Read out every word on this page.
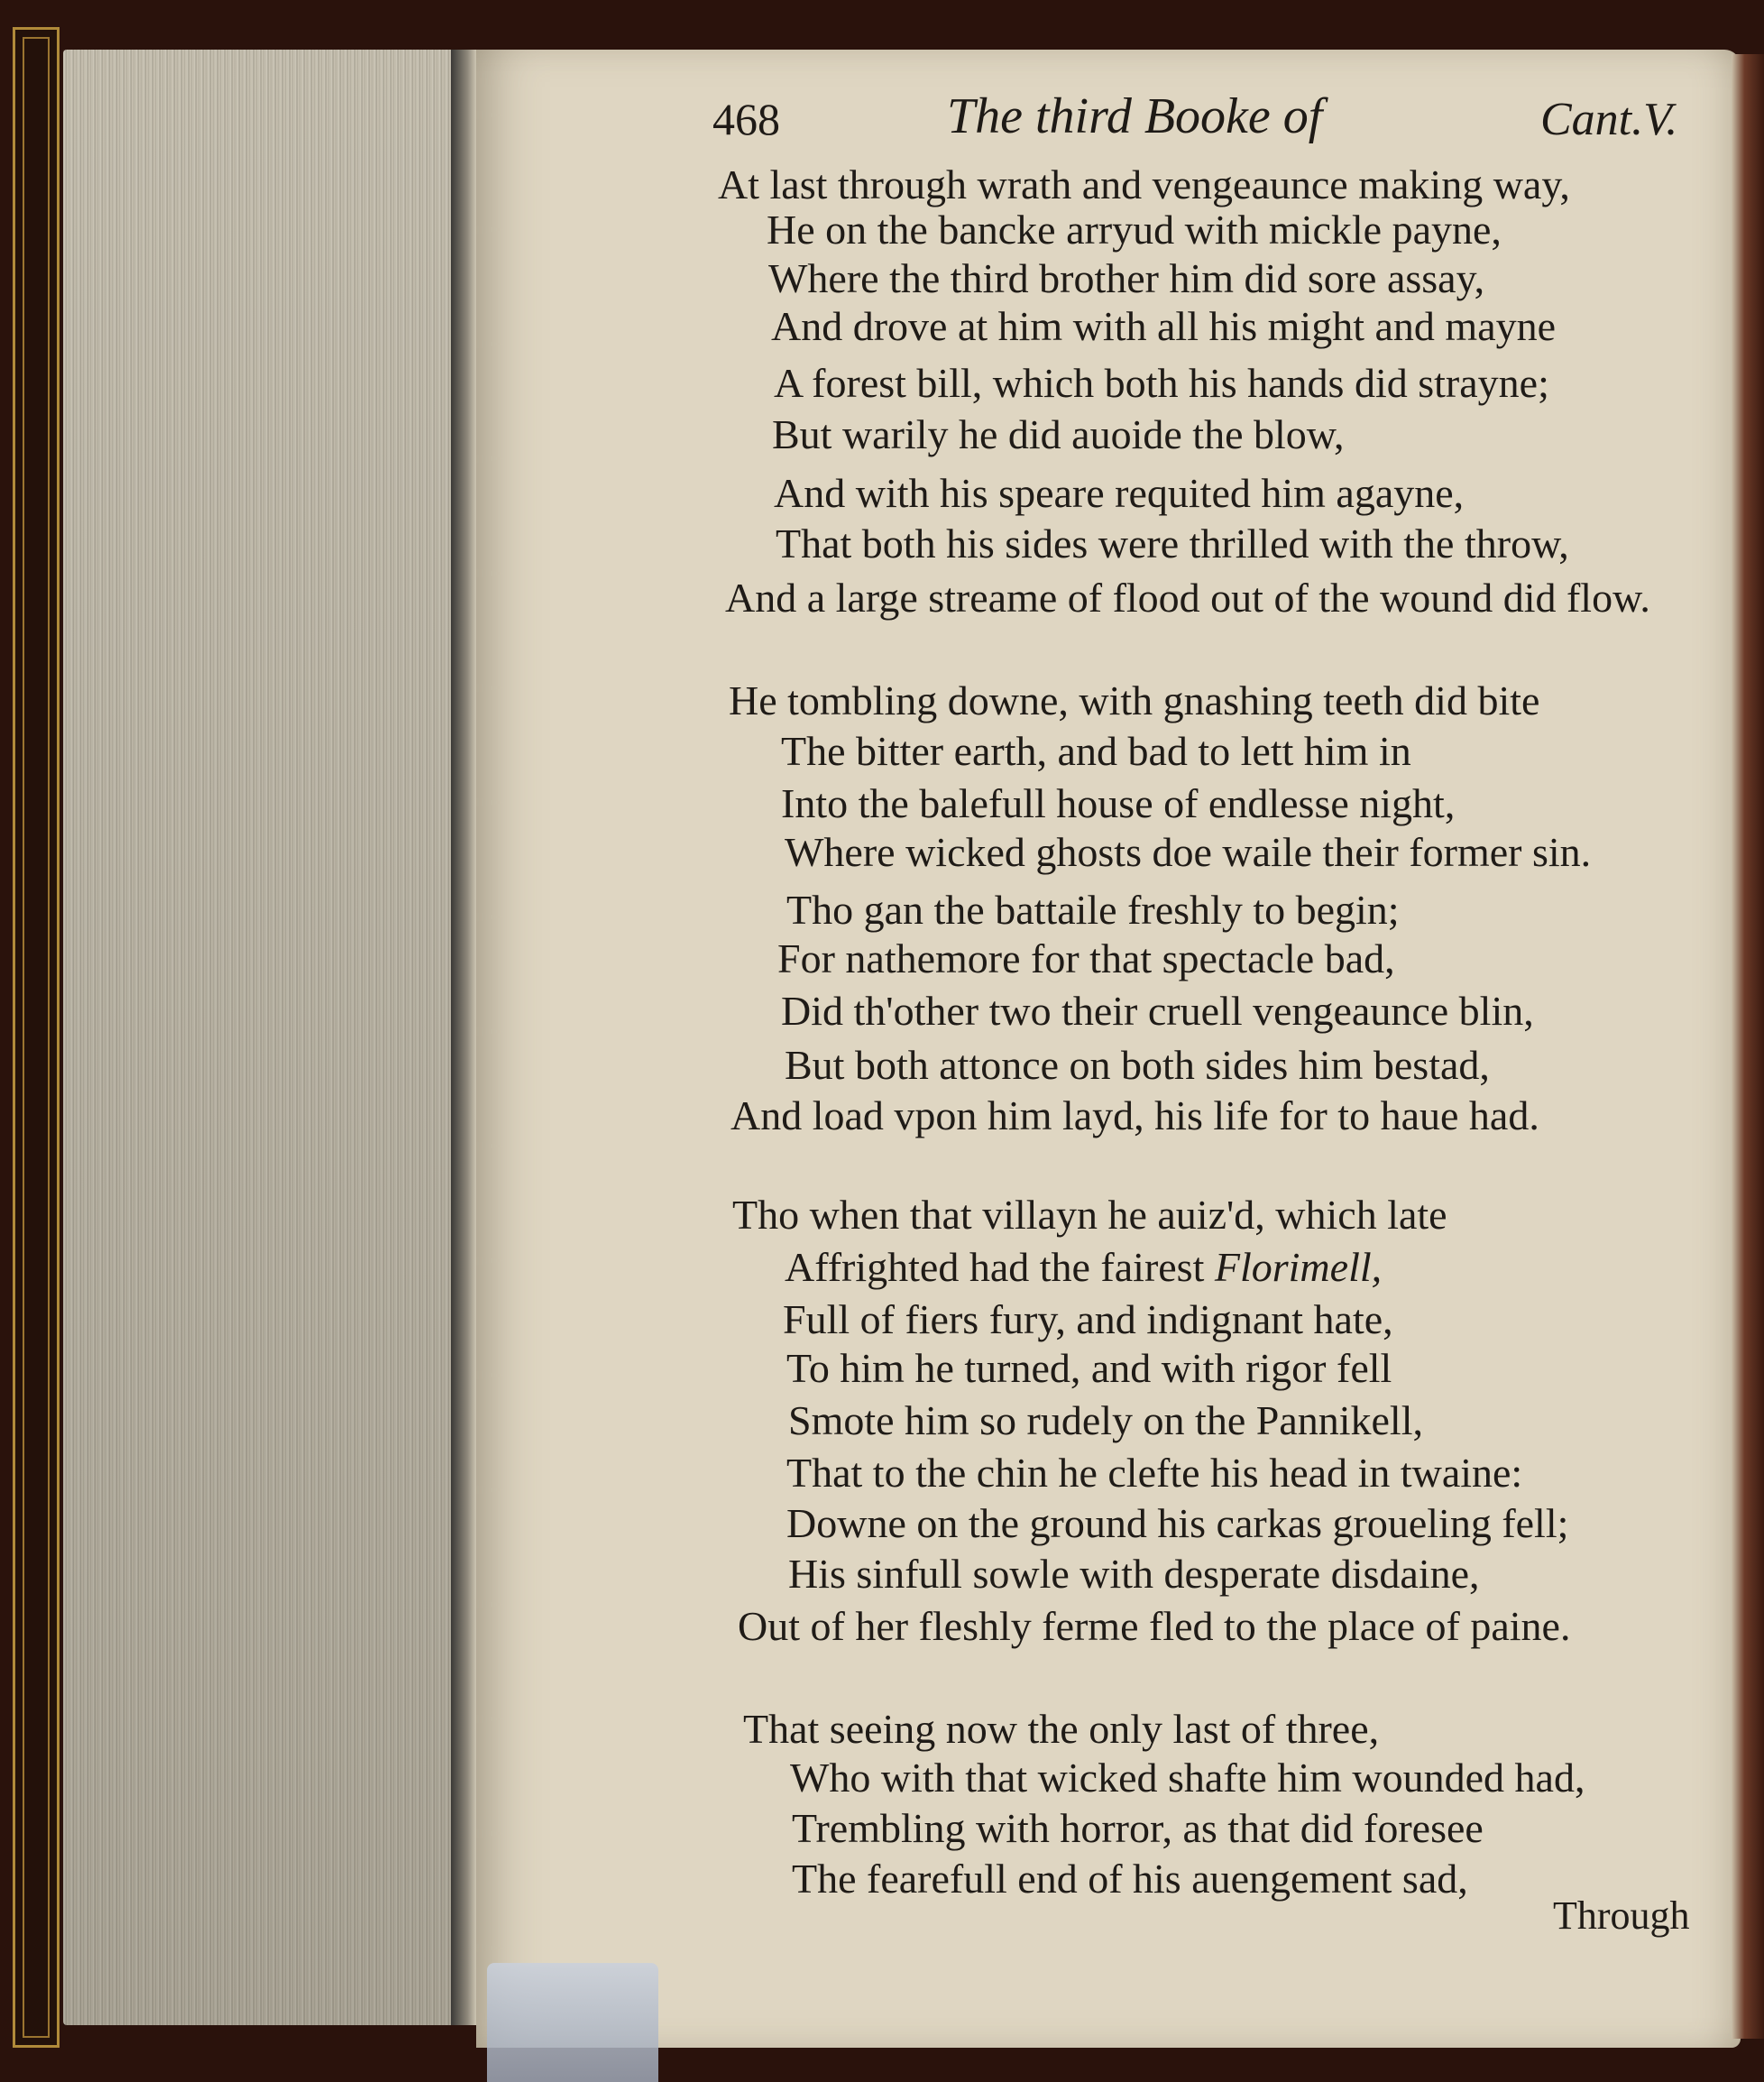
468	The third Booke of	Cant.V.
At last through wrath and vengeaunce making way,
He on the bancke arryud with mickle payne,
Where the third brother him did sore assay,
And drove at him with all his might and mayne
A forest bill, which both his hands did strayne;
But warily he did auoide the blow,
And with his speare requited him agayne,
That both his sides were thrilled with the throw,
And a large streame of flood out of the wound did flow.
He tombling downe, with gnashing teeth did bite
The bitter earth, and bad to lett him in
Into the balefull house of endlesse night,
Where wicked ghosts doe waile their former sin.
Tho gan the battaile freshly to begin;
For nathemore for that spectacle bad,
Did th'other two their cruell vengeaunce blin,
But both attonce on both sides him bestad,
And load vpon him layd, his life for to haue had.
Tho when that villayn he auiz'd, which late
Affrighted had the fairest Florimell,
Full of fiers fury, and indignant hate,
To him he turned, and with rigor fell
Smote him so rudely on the Pannikell,
That to the chin he clefte his head in twaine:
Downe on the ground his carkas groueling fell;
His sinfull sowle with desperate disdaine,
Out of her fleshly ferme fled to the place of paine.
That seeing now the only last of three,
Who with that wicked shafte him wounded had,
Trembling with horror, as that did foresee
The fearefull end of his auengement sad,
Through
